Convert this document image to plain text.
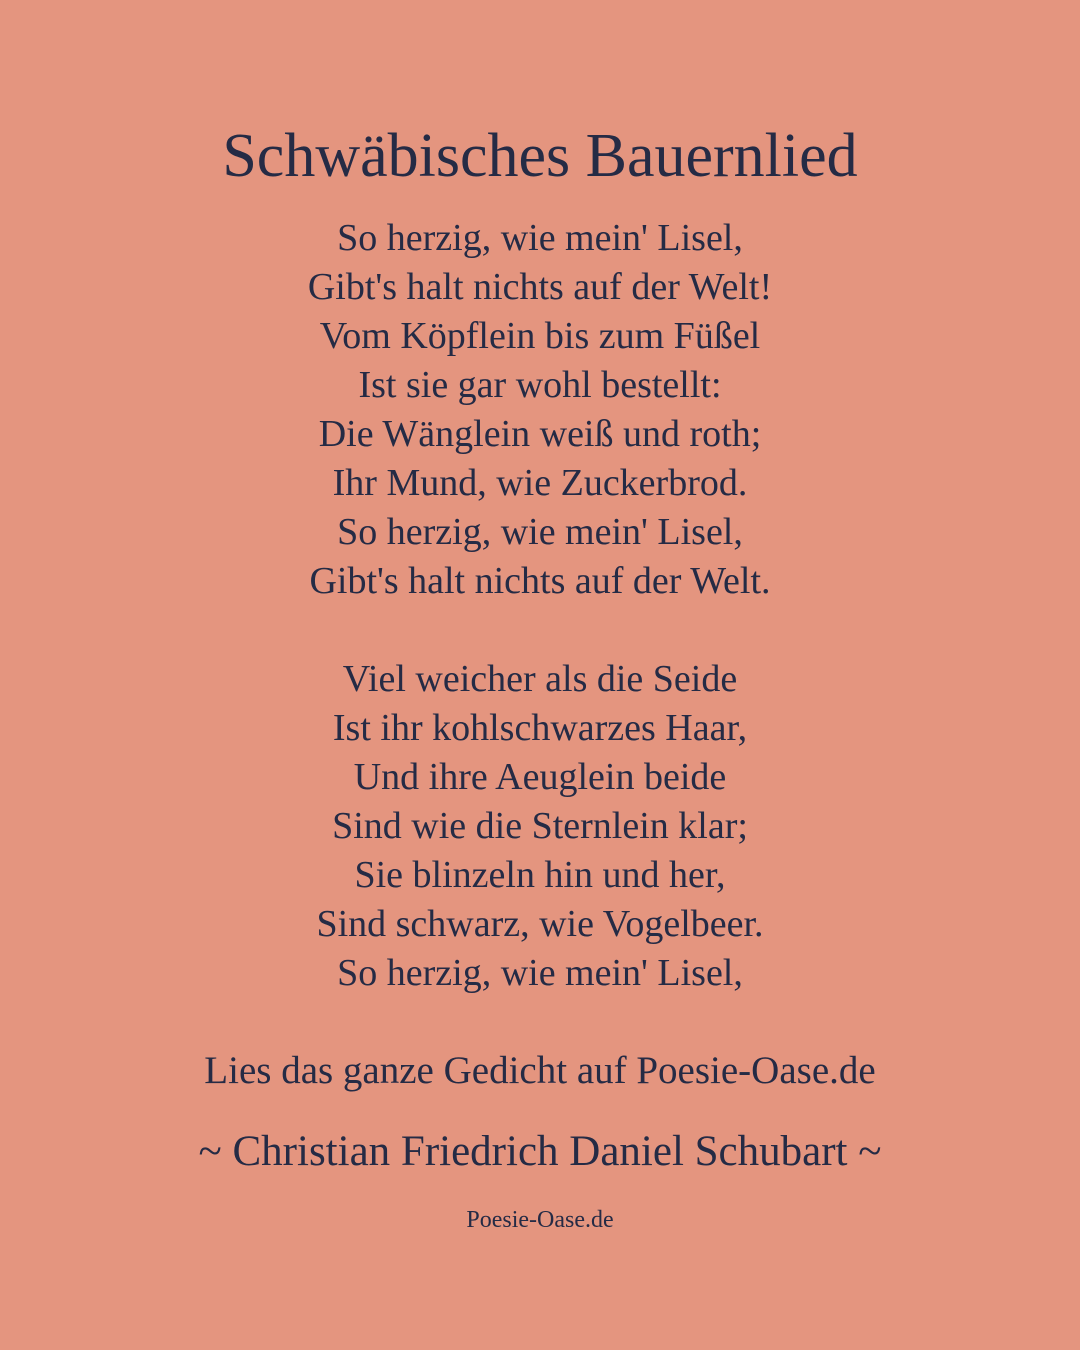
Schwäbisches Bauernlied

So herzig, wie mein' Lisel,
Gibt's halt nichts auf der Welt!
Vom Köpflein bis zum Füßel
Ist sie gar wohl bestellt:
Die Wänglein weiß und roth;
Ihr Mund, wie Zuckerbrod.
So herzig, wie mein' Lisel,
Gibt's halt nichts auf der Welt.

Viel weicher als die Seide
Ist ihr kohlschwarzes Haar,
Und ihre Aeuglein beide
Sind wie die Sternlein klar;
Sie blinzeln hin und her,
Sind schwarz, wie Vogelbeer.
So herzig, wie mein' Lisel,

Lies das ganze Gedicht auf Poesie-Oase.de
~ Christian Friedrich Daniel Schubart ~
Poesie-Oase.de
